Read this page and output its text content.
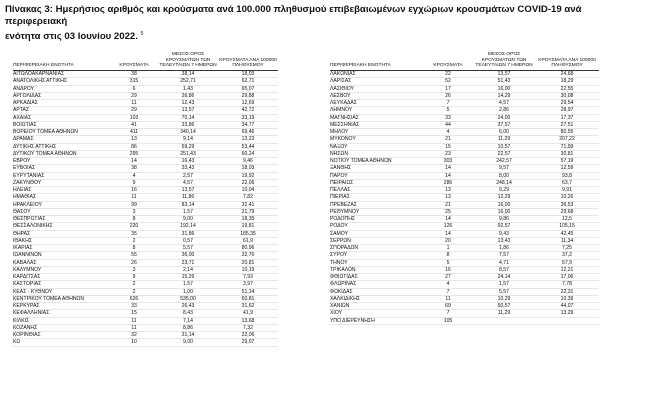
Πίνακας 3: Ημερήσιος αριθμός και κρούσματα ανά 100.000 πληθυσμού επιβεβαιωμένων εγχώριων κρουσμάτων COVID-19 ανά περιφερειακή
ενότητα στις 03 Ιουνίου 2022. $^5$
ΠΕΡΙΦΕΡΕΙΑΚΗ ΕΝΟΤΗΤΑ	ΚΡΟΥΣΜΑΤΑ	ΜΕΣΟΣ ΟΡΟΣ ΚΡΟΥΣΜΑΤΩΝ ΤΩΝ ΤΕΛΕΥΤΑΙΩΝ 7 ΗΜΕΡΩΝ	ΚΡΟΥΣΜΑΤΑ ΑΝΑ 100000 ΠΛΗΘΥΣΜΟΥ
ΑΙΤΩΛΟΑΚΑΡΝΑΝΙΑΣ	38	38,14	18,03
ΑΝΑΤΟΛΙΚΗΣ ΑΤΤΙΚΗΣ	315	252,71	62,71
ΑΝΔΡΟΥ	6	1,43	65,07
ΑΡΓΟΛΙΔΑΣ	29	26,86	29,88
ΑΡΚΑΔΙΑΣ	11	12,43	12,69
ΑΡΤΑΣ	29	13,57	42,72
ΑΧΑΪΑΣ	103	70,14	33,19
ΒΟΙΩΤΙΑΣ	41	33,86	34,77
ΒΟΡΕΙΟΥ ΤΟΜΕΑ ΑΘΗΝΩΝ	411	340,14	69,46
ΔΡΑΜΑΣ	13	9,14	13,23
ΔΥΤΙΚΗΣ ΑΤΤΙΚΗΣ	86	69,29	53,44
ΔΥΤΙΚΟΥ ΤΟΜΕΑ ΑΘΗΝΩΝ	295	251,43	60,24
ΕΒΡΟΥ	14	16,43	9,46
ΕΥΒΟΙΑΣ	38	33,43	18,03
ΕΥΡΥΤΑΝΙΑΣ	4	2,57	19,92
ΖΑΚΥΝΘΟΥ	9	4,57	22,06
ΗΛΕΙΑΣ	16	13,57	10,04
ΗΜΑΘΙΑΣ	11	11,86	7,82
ΗΡΑΚΛΕΙΟΥ	99	83,14	32,41
ΘΑΣΟΥ	3	1,57	21,79
ΘΕΣΠΡΩΤΙΑΣ	8	9,00	18,35
ΘΕΣΣΑΛΟΝΙΚΗΣ	220	192,14	19,81
ΘΗΡΑΣ	35	31,86	185,35
ΙΘΑΚΗΣ	2	0,57	61,9
ΙΚΑΡΙΑΣ	8	5,57	80,96
ΙΩΑΝΝΙΝΩΝ	55	36,00	32,76
ΚΑΒΑΛΑΣ	26	23,71	20,81
ΚΑΛΥΜΝΟΥ	3	2,14	10,19
ΚΑΡΔΙΤΣΑΣ	9	15,29	7,93
ΚΑΣΤΟΡΙΑΣ	2	1,57	3,97
ΚΕΑΣ - ΚΥΘΝΟΥ	2	1,00	51,14
ΚΕΝΤΡΙΚΟΥ ΤΟΜΕΑ ΑΘΗΝΩΝ	626	535,00	60,81
ΚΕΡΚΥΡΑΣ	33	26,43	31,62
ΚΕΦΑΛΛΗΝΙΑΣ	15	8,43	41,9
ΚΙΛΚΙΣ	11	7,14	13,68
ΚΟΖΑΝΗΣ	11	8,86	7,32
ΚΟΡΙΝΘΙΑΣ	32	31,14	22,06
ΚΩ	10	9,00	29,07
ΠΕΡΙΦΕΡΕΙΑΚΗ ΕΝΟΤΗΤΑ	ΚΡΟΥΣΜΑΤΑ	ΜΕΣΟΣ ΟΡΟΣ ΚΡΟΥΣΜΑΤΩΝ ΤΩΝ ΤΕΛΕΥΤΑΙΩΝ 7 ΗΜΕΡΩΝ	ΚΡΟΥΣΜΑΤΑ ΑΝΑ 100000 ΠΛΗΘΥΣΜΟΥ
ΛΑΚΩΝΙΑΣ	22	13,57	24,68
ΛΑΡΙΣΑΣ	52	51,43	18,29
ΛΑΣΙΘΙΟΥ	17	16,00	22,55
ΛΕΣΒΟΥ	26	14,29	30,08
ΛΕΥΚΑΔΑΣ	7	4,57	29,54
ΛΗΜΝΟΥ	5	2,86	28,97
ΜΑΓΝΗΣΙΑΣ	33	24,00	17,37
ΜΕΣΣΗΝΙΑΣ	44	37,57	27,51
ΜΗΛΟΥ	4	6,00	80,55
ΜΥΚΟΝΟΥ	21	11,29	207,22
ΝΑΞΟΥ	15	10,57	71,99
ΝΗΣΩΝ	23	22,57	30,81
ΝΟΤΙΟΥ ΤΟΜΕΑ ΑΘΗΝΩΝ	303	242,57	57,19
ΞΑΝΘΗΣ	14	9,57	12,59
ΠΑΡΟΥ	14	8,00	93,8
ΠΕΙΡΑΙΩΣ	286	248,14	63,7
ΠΕΛΛΑΣ	13	9,29	9,91
ΠΙΕΡΙΑΣ	13	12,29	10,26
ΠΡΕΒΕΖΑΣ	21	16,00	36,53
ΡΕΘΥΜΝΟΥ	25	16,00	29,68
ΡΟΔΟΠΗΣ	14	9,86	12,5
ΡΟΔΟΥ	126	92,57	105,15
ΣΑΜΟΥ	14	9,43	42,45
ΣΕΡΡΩΝ	20	13,43	11,34
ΣΠΟΡΑΔΩΝ	1	1,86	7,25
ΣΥΡΟΥ	8	7,57	37,2
ΤΗΝΟΥ	5	4,71	57,9
ΤΡΙΚΑΛΩΝ	16	8,57	12,21
ΦΘΙΩΤΙΔΑΣ	27	24,14	17,06
ΦΛΩΡΙΝΑΣ	4	1,57	7,78
ΦΩΚΙΔΑΣ	7	5,57	22,31
ΧΑΛΚΙΔΙΚΗΣ	11	10,29	10,39
ΧΑΝΙΩΝ	69	50,57	44,07
ΧΙΟΥ	7	11,29	13,29
ΥΠΟ ΔΙΕΡΕΥΝΗΣΗ	105		
